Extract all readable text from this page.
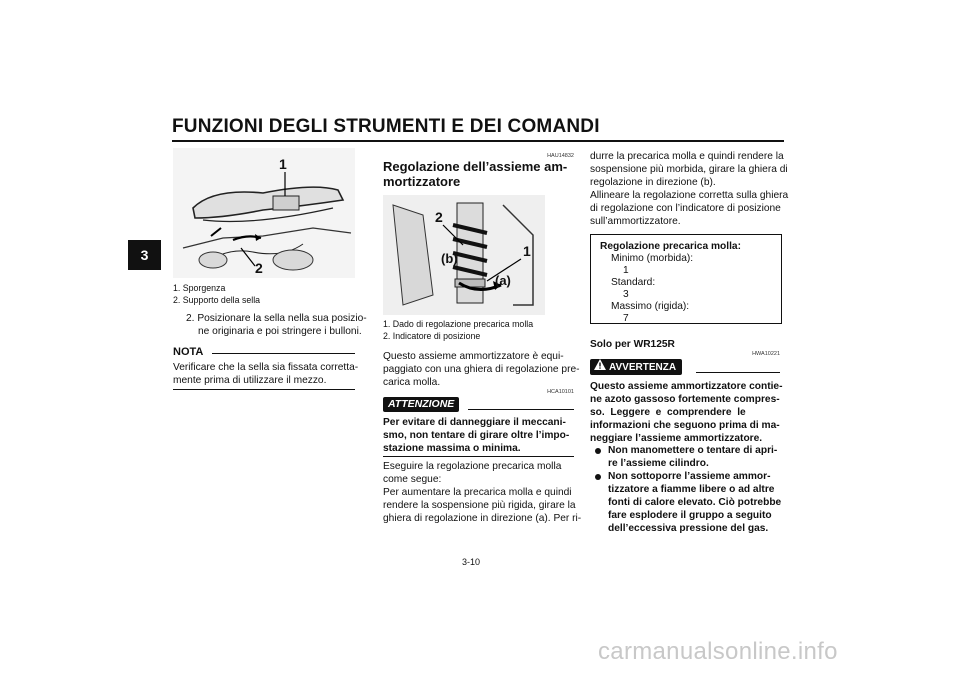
FUNZIONI DEGLI STRUMENTI E DEI COMANDI
3
1
2
1. Sporgenza
2. Supporto della sella
2. Posizionare la sella nella sua posizio-
ne originaria e poi stringere i bulloni.
NOTA
Verificare che la sella sia fissata corretta-
mente prima di utilizzare il mezzo.
HAU14832
Regolazione dell’assieme am-
mortizzatore
2
(b)	1
(a)
1. Dado di regolazione precarica molla
2. Indicatore di posizione
Questo assieme ammortizzatore è equi-
paggiato con una ghiera di regolazione pre-
carica molla.
HCA10101
ATTENZIONE
Per evitare di danneggiare il meccani-
smo, non tentare di girare oltre l’impo-
stazione massima o minima.
Eseguire la regolazione precarica molla
come segue:
Per aumentare la precarica molla e quindi
rendere la sospensione più rigida, girare la
ghiera di regolazione in direzione (a). Per ri-
durre la precarica molla e quindi rendere la
sospensione più morbida, girare la ghiera di
regolazione in direzione (b).
Allineare la regolazione corretta sulla ghiera
di regolazione con l’indicatore di posizione
sull’ammortizzatore.
Regolazione precarica molla:
Minimo (morbida):
1
Standard:
3
Massimo (rigida):
7
Solo per WR125R
HWA10221
AVVERTENZA
Questo assieme ammortizzatore contie-
ne azoto gassoso fortemente compres-
so.  Leggere  e  comprendere  le
informazioni che seguono prima di ma-
neggiare l’assieme ammortizzatore.
Non manomettere o tentare di apri-
re l’assieme cilindro.
Non sottoporre l’assieme ammor-
tizzatore a fiamme libere o ad altre
fonti di calore elevato. Ciò potrebbe
fare esplodere il gruppo a seguito
dell’eccessiva pressione del gas.
3-10
carmanualsonline.info
